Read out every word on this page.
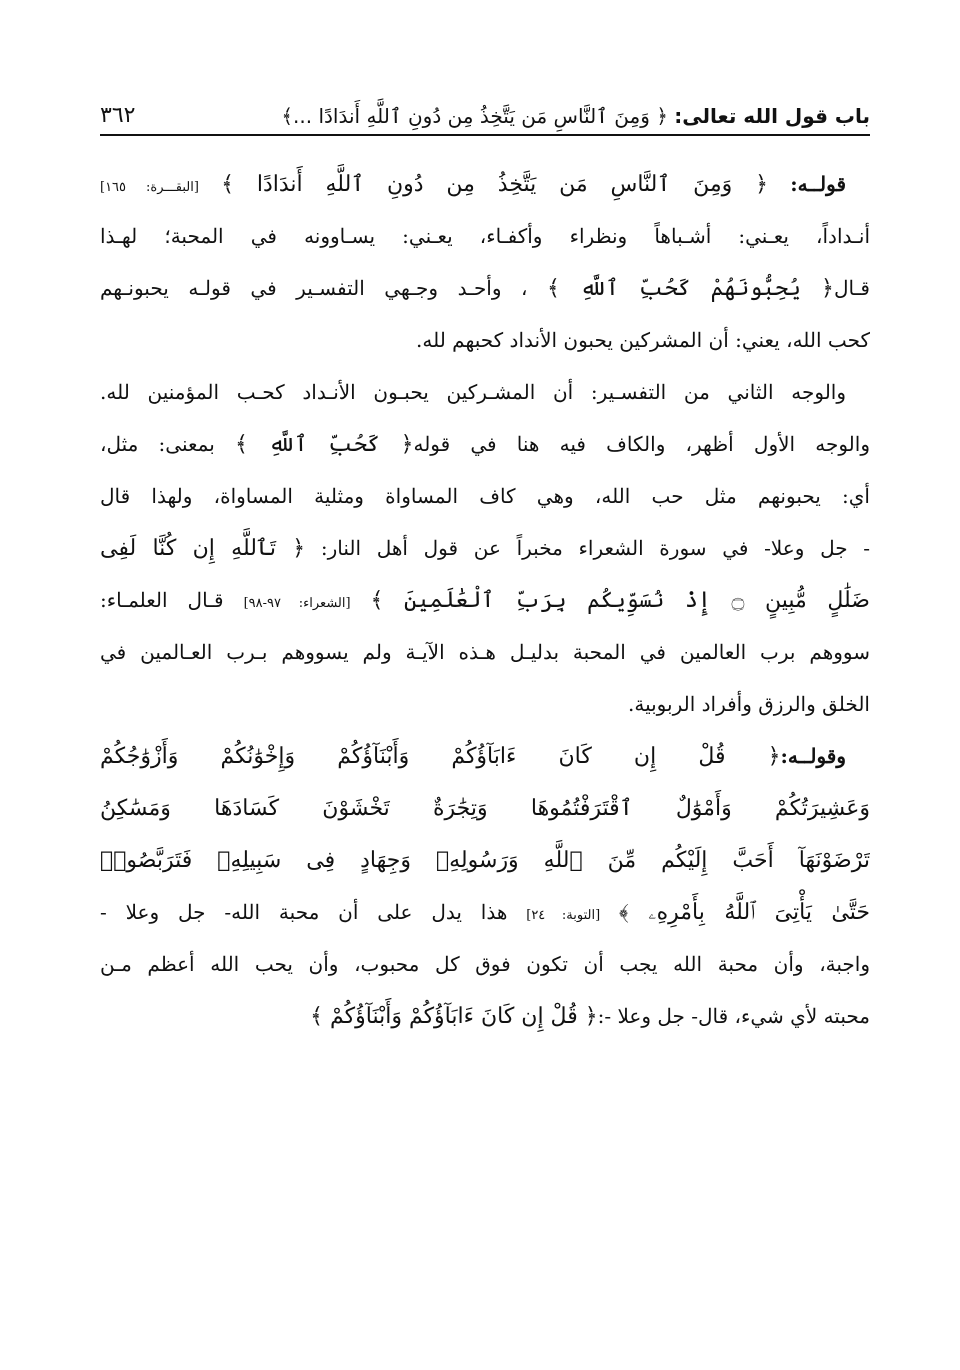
باب قول الله تعالى: ﴿ وَمِنَ ٱلنَّاسِ مَن يَتَّخِذُ مِن دُونِ ٱللَّهِ أَندَادًا ...﴾
٣٦٢
قولــه: ﴿ وَمِنَ ٱلنَّاسِ مَن يَتَّخِذُ مِن دُونِ ٱللَّهِ أَندَادًا ﴾ [البقـــرة: ١٦٥]
أنـداداً، يعـني: أشـباهاً ونظراء وأكفـاء، يعـني: يسـاوونه في المحبة؛ لهـذا
قـال﴿ يُحِبُّونَهُمْ كَحُبِّ ٱللَّهِ ﴾ ، وأحـد وجـهي التفسـير في قولـه يحبونـهم
كحب الله، يعني: أن المشركين يحبون الأنداد كحبهم لله.
والوجه الثاني من التفسـير: أن المشـركين يحبـون الأنـداد كحـب المؤمنين لله.
والوجه الأول أظهر، والكاف فيه هنا في قوله﴿ كَحُبِّ ٱللَّهِ ﴾ بمعنى: مثل،
أي: يحبونهم مثل حب الله، وهي كاف المساواة ومثلية المساواة، ولهذا قال
- جل وعلا- في سورة الشعراء مخبراً عن قول أهل النار: ﴿ تَٱللَّهِ إِن كُنَّا لَفِى
ضَلَٰلٍ مُّبِينٍ ۝ إِذْ نُسَوِّيكُم بِرَبِّ ٱلْعَٰلَمِينَ ﴾ [الشعراء: ٩٧-٩٨] قـال العلمـاء:
سووهم برب العالمين في المحبة بدليـل هـذه الآيـة ولم يسووهم بـرب العـالمين في
الخلق والرزق وأفراد الربوبية.
وقولــه:﴿ قُلْ إِن كَانَ ءَابَآؤُكُمْ وَأَبْنَآؤُكُمْ وَإِخْوَٰنُكُمْ وَأَزْوَٰجُكُمْ
وَعَشِيرَتُكُمْ وَأَمْوَٰلٌ ٱقْتَرَفْتُمُوهَا وَتِجَٰرَةٌ تَخْشَوْنَ كَسَادَهَا وَمَسَٰكِنُ
تَرْضَوْنَهَآ أَحَبَّ إِلَيْكُم مِّنَ ٱللَّهِ وَرَسُولِهِۦ وَجِهَادٍ فِى سَبِيلِهِۦ فَتَرَبَّصُوا۟
حَتَّىٰ يَأْتِىَ ٱللَّهُ بِأَمْرِهِۦ ﴾ [التوبة: ٢٤] هذا يدل على أن محبة الله- جل وعلا -
واجبة، وأن محبة الله يجب أن تكون فوق كل محبوب، وأن يحب الله أعظم مـن
محبته لأي شيء، قال- جل وعلا -:﴿ قُلْ إِن كَانَ ءَابَآؤُكُمْ وَأَبْنَآؤُكُمْ ﴾
